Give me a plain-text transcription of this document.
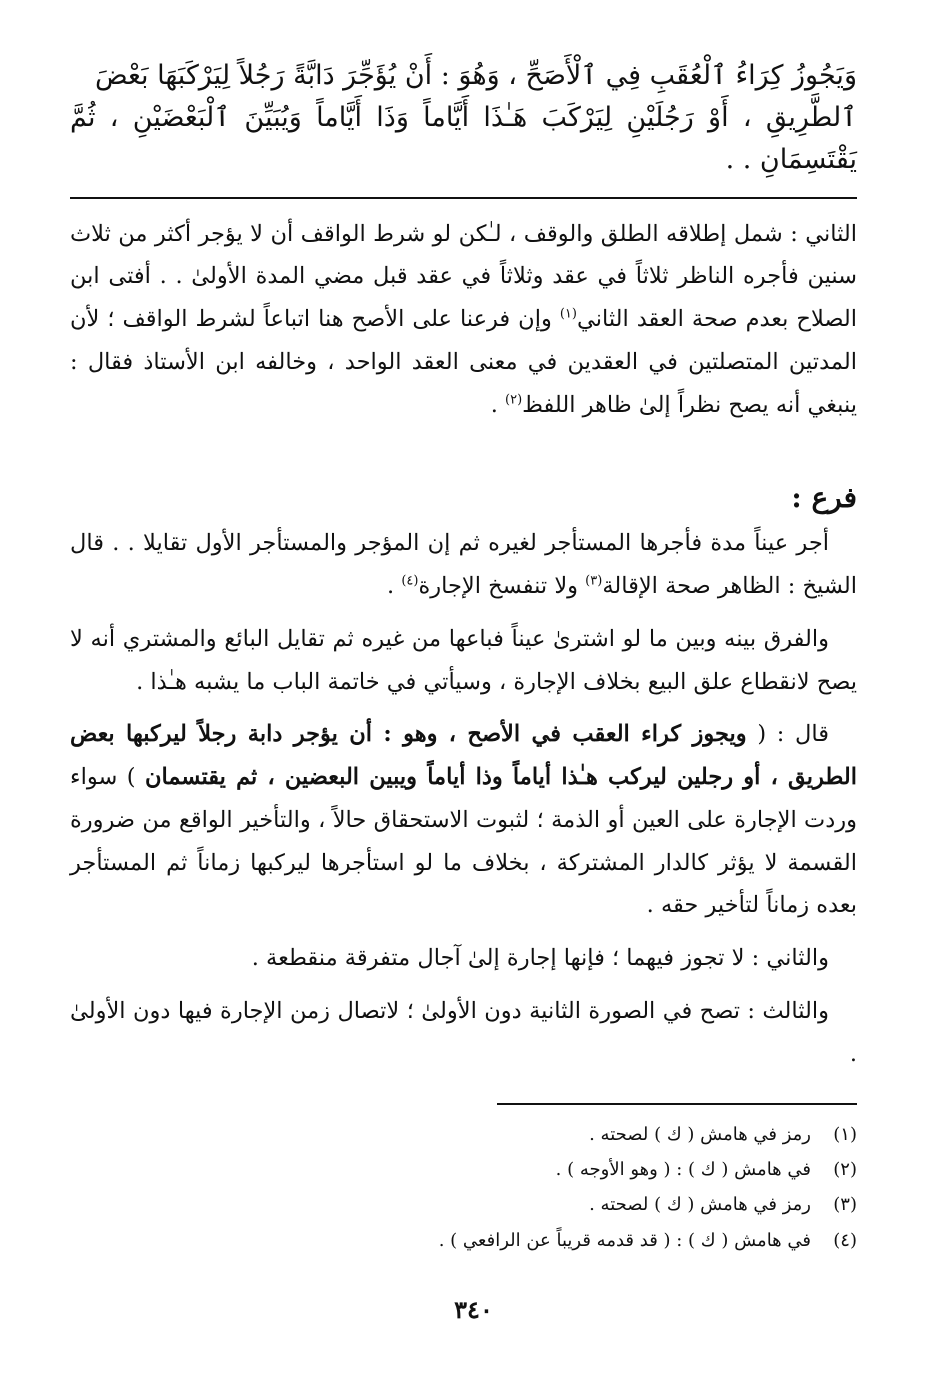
وَيَجُوزُ كِرَاءُ ٱلْعُقَبِ فِي ٱلْأَصَحِّ ، وَهُوَ : أَنْ يُؤَجِّرَ دَابَّةً رَجُلاً لِيَرْكَبَهَا بَعْضَ
ٱلطَّرِيقِ ، أَوْ رَجُلَيْنِ لِيَرْكَبَ هَـٰذَا أَيَّاماً وَذَا أَيَّاماً وَيُبَيِّنَ ٱلْبَعْضَيْنِ ، ثُمَّ يَقْتَسِمَانِ . .
الثاني : شمل إطلاقه الطلق والوقف ، لـٰكن لو شرط الواقف أن لا يؤجر أكثر من ثلاث سنين فأجره الناظر ثلاثاً في عقد وثلاثاً في عقد قبل مضي المدة الأولىٰ . . أفتى ابن الصلاح بعدم صحة العقد الثاني$^{(١)}$ وإن فرعنا على الأصح هنا اتباعاً لشرط الواقف ؛ لأن المدتين المتصلتين في العقدين في معنى العقد الواحد ، وخالفه ابن الأستاذ فقال : ينبغي أنه يصح نظراً إلىٰ ظاهر اللفظ$^{(٢)}$ .
فرع :

أجر عيناً مدة فأجرها المستأجر لغيره ثم إن المؤجر والمستأجر الأول تقايلا . . قال الشيخ : الظاهر صحة الإقالة$^{(٣)}$ ولا تنفسخ الإجارة$^{(٤)}$ .

والفرق بينه وبين ما لو اشترىٰ عيناً فباعها من غيره ثم تقايل البائع والمشتري أنه لا يصح لانقطاع علق البيع بخلاف الإجارة ، وسيأتي في خاتمة الباب ما يشبه هـٰذا .

قال : ( ويجوز كراء العقب في الأصح ، وهو : أن يؤجر دابة رجلاً ليركبها بعض الطريق ، أو رجلين ليركب هـٰذا أياماً وذا أياماً ويبين البعضين ، ثم يقتسمان ) سواء وردت الإجارة على العين أو الذمة ؛ لثبوت الاستحقاق حالاً ، والتأخير الواقع من ضرورة القسمة لا يؤثر كالدار المشتركة ، بخلاف ما لو استأجرها ليركبها زماناً ثم المستأجر بعده زماناً لتأخير حقه .

والثاني : لا تجوز فيهما ؛ فإنها إجارة إلىٰ آجال متفرقة منقطعة .

والثالث : تصح في الصورة الثانية دون الأولىٰ ؛ لاتصال زمن الإجارة فيها دون الأولىٰ .

(١)
رمز في هامش ( ك ) لصحته .
(٢)
في هامش ( ك ) : ( وهو الأوجه ) .
(٣)
رمز في هامش ( ك ) لصحته .
(٤)
في هامش ( ك ) : ( قد قدمه قريباً عن الرافعي ) .
٣٤٠
